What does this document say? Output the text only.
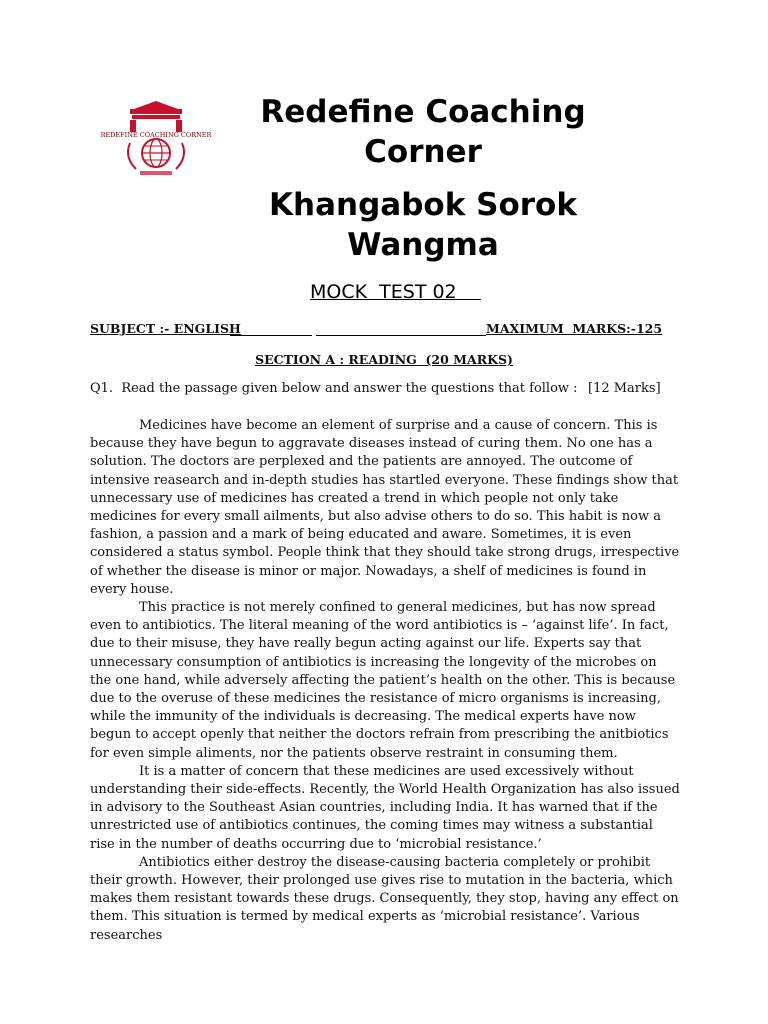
REDEFINE COACHING CORNER
Redefine Coaching Corner
Khangabok Sorok Wangma
MOCK  TEST 02
SUBJECT :- ENGLISH	MAXIMUM  MARKS:-125
SECTION A : READING  (20 MARKS)
Q1.  Read the passage given below and answer the questions that follow : [12 Marks]

Medicines have become an element of surprise and a cause of concern. This is because they have begun to aggravate diseases instead of curing them. No one has a solution. The doctors are perplexed and the patients are annoyed. The outcome of intensive reasearch and in-depth studies has startled everyone. These findings show that unnecessary use of medicines has created a trend in which people not only take medicines for every small ailments, but also advise others to do so. This habit is now a fashion, a passion and a mark of being educated and aware. Sometimes, it is even considered a status symbol. People think that they should take strong drugs, irrespective of whether the disease is minor or major. Nowadays, a shelf of medicines is found in every house.

This practice is not merely confined to general medicines, but has now spread even to antibiotics. The literal meaning of the word antibiotics is – ‘against life’. In fact, due to their misuse, they have really begun acting against our life. Experts say that unnecessary consumption of antibiotics is increasing the longevity of the microbes on the one hand, while adversely affecting the patient’s health on the other. This is because due to the overuse of these medicines the resistance of micro organisms is increasing, while the immunity of the individuals is decreasing. The medical experts have now begun to accept openly that neither the doctors refrain from prescribing the anitbiotics for even simple aliments, nor the patients observe restraint in consuming them.

It is a matter of concern that these medicines are used excessively without understanding their side-effects. Recently, the World Health Organization has also issued in advisory to the Southeast Asian countries, including India. It has warned that if the unrestricted use of antibiotics continues, the coming times may witness a substantial rise in the number of deaths occurring due to ‘microbial resistance.’

Antibiotics either destroy the disease-causing bacteria completely or prohibit their growth. However, their prolonged use gives rise to mutation in the bacteria, which makes them resistant towards these drugs. Consequently, they stop, having any effect on them. This situation is termed by medical experts as ‘microbial resistance’. Various researches
